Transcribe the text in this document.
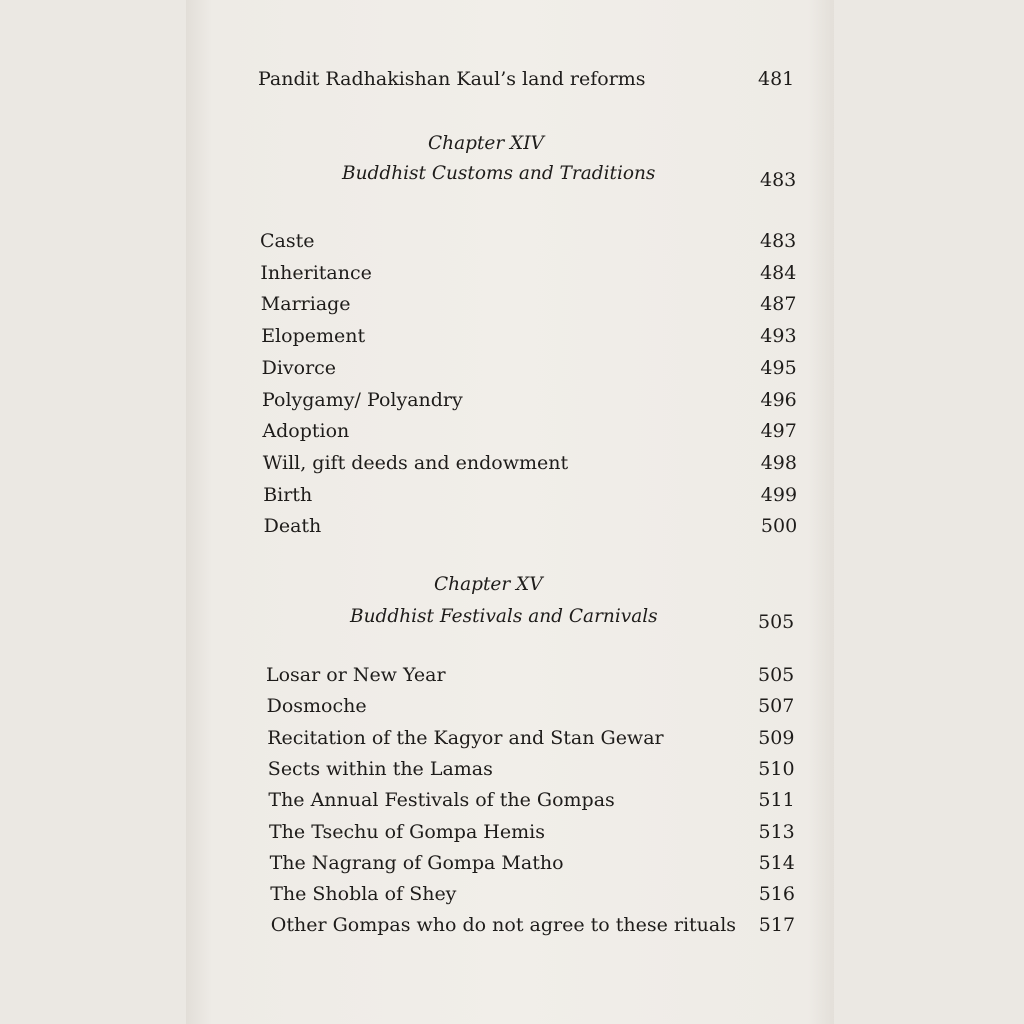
Pandit Radhakishan Kaul’s land reforms	481
Chapter XIV
Buddhist Customs and Traditions	483
Caste	483
Inheritance	484
Marriage	487
Elopement	493
Divorce	495
Polygamy/ Polyandry	496
Adoption	497
Will, gift deeds and endowment	498
Birth	499
Death	500
Chapter XV
Buddhist Festivals and Carnivals	505
Losar or New Year	505
Dosmoche	507
Recitation of the Kagyor and Stan Gewar	509
Sects within the Lamas	510
The Annual Festivals of the Gompas	511
The Tsechu of Gompa Hemis	513
The Nagrang of Gompa Matho	514
The Shobla of Shey	516
Other Gompas who do not agree to these rituals 517
